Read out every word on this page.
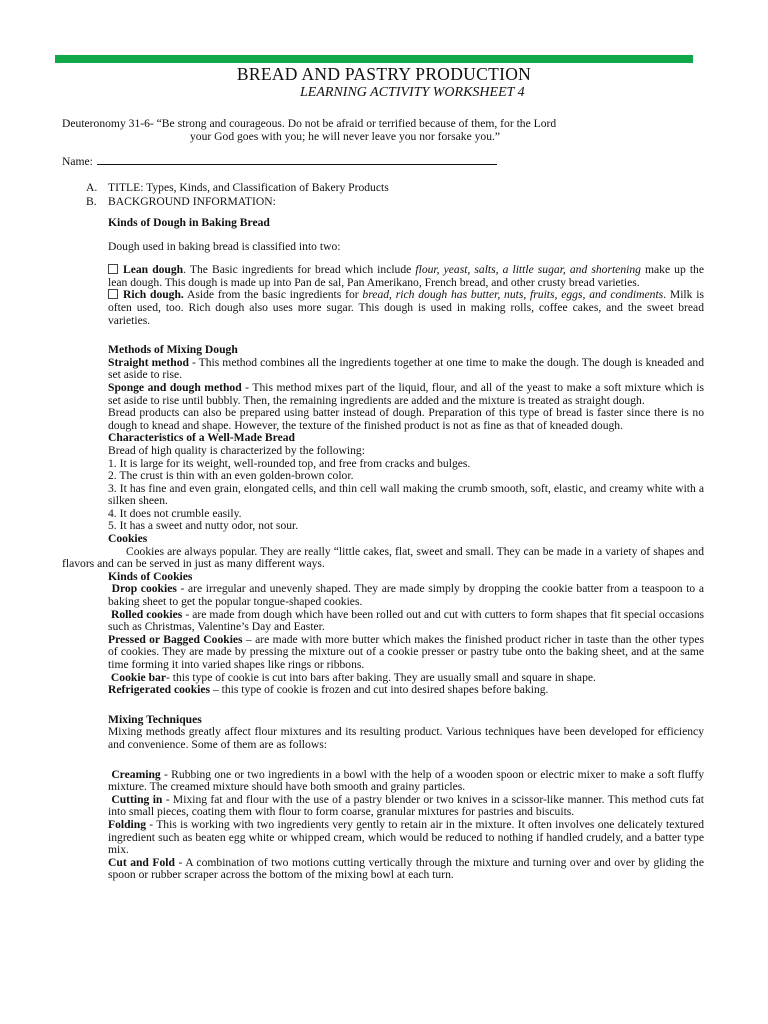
BREAD AND PASTRY PRODUCTION
LEARNING ACTIVITY WORKSHEET 4
Deuteronomy 31-6- “Be strong and courageous. Do not be afraid or terrified because of them, for the Lord
your God goes with you; he will never leave you nor forsake you.”
Name:
A. TITLE: Types, Kinds, and Classification of Bakery Products
B. BACKGROUND INFORMATION:

Kinds of Dough in Baking Bread

Dough used in baking bread is classified into two:

Lean dough. The Basic ingredients for bread which include flour, yeast, salts, a little sugar, and shortening make up the lean dough. This dough is made up into Pan de sal, Pan Amerikano, French bread, and other crusty bread varieties.

Rich dough. Aside from the basic ingredients for bread, rich dough has butter, nuts, fruits, eggs, and condiments. Milk is often used, too. Rich dough also uses more sugar. This dough is used in making rolls, coffee cakes, and the sweet bread varieties.

Methods of Mixing Dough

Straight method - This method combines all the ingredients together at one time to make the dough. The dough is kneaded and set aside to rise.

Sponge and dough method - This method mixes part of the liquid, flour, and all of the yeast to make a soft mixture which is set aside to rise until bubbly. Then, the remaining ingredients are added and the mixture is treated as straight dough.

Bread products can also be prepared using batter instead of dough. Preparation of this type of bread is faster since there is no dough to knead and shape. However, the texture of the finished product is not as fine as that of kneaded dough.

Characteristics of a Well-Made Bread

Bread of high quality is characterized by the following:

1. It is large for its weight, well-rounded top, and free from cracks and bulges.

2. The crust is thin with an even golden-brown color.

3. It has fine and even grain, elongated cells, and thin cell wall making the crumb smooth, soft, elastic, and creamy white with a silken sheen.

4. It does not crumble easily.

5. It has a sweet and nutty odor, not sour.

Cookies

Cookies are always popular. They are really “little cakes, flat, sweet and small. They can be made in a variety of shapes and flavors and can be served in just as many different ways.

Kinds of Cookies

Drop cookies - are irregular and unevenly shaped. They are made simply by dropping the cookie batter from a teaspoon to a baking sheet to get the popular tongue-shaped cookies.

Rolled cookies - are made from dough which have been rolled out and cut with cutters to form shapes that fit special occasions such as Christmas, Valentine’s Day and Easter.

Pressed or Bagged Cookies – are made with more butter which makes the finished product richer in taste than the other types of cookies. They are made by pressing the mixture out of a cookie presser or pastry tube onto the baking sheet, and at the same time forming it into varied shapes like rings or ribbons.

Cookie bar- this type of cookie is cut into bars after baking. They are usually small and square in shape.

Refrigerated cookies – this type of cookie is frozen and cut into desired shapes before baking.

Mixing Techniques

Mixing methods greatly affect flour mixtures and its resulting product. Various techniques have been developed for efficiency and convenience. Some of them are as follows:

Creaming - Rubbing one or two ingredients in a bowl with the help of a wooden spoon or electric mixer to make a soft fluffy mixture. The creamed mixture should have both smooth and grainy particles.

Cutting in - Mixing fat and flour with the use of a pastry blender or two knives in a scissor-like manner. This method cuts fat into small pieces, coating them with flour to form coarse, granular mixtures for pastries and biscuits.

Folding - This is working with two ingredients very gently to retain air in the mixture. It often involves one delicately textured ingredient such as beaten egg white or whipped cream, which would be reduced to nothing if handled crudely, and a batter type mix.

Cut and Fold - A combination of two motions cutting vertically through the mixture and turning over and over by gliding the spoon or rubber scraper across the bottom of the mixing bowl at each turn.
